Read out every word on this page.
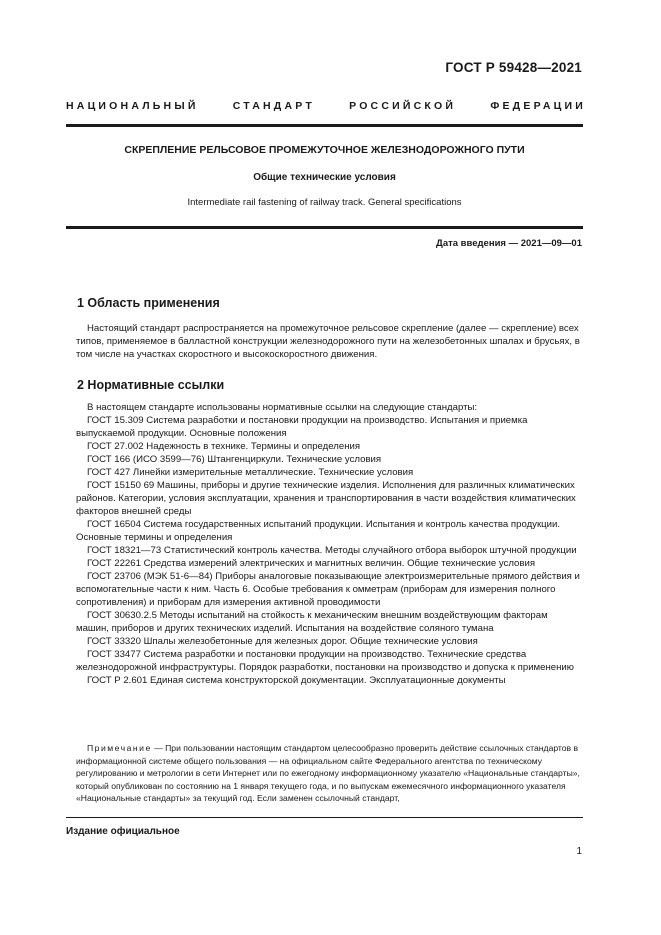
ГОСТ Р 59428—2021
НАЦИОНАЛЬНЫЙ СТАНДАРТ РОССИЙСКОЙ ФЕДЕРАЦИИ
СКРЕПЛЕНИЕ РЕЛЬСОВОЕ ПРОМЕЖУТОЧНОЕ ЖЕЛЕЗНОДОРОЖНОГО ПУТИ
Общие технические условия
Intermediate rail fastening of railway track. General specifications
Дата введения — 2021—09—01
1 Область применения
Настоящий стандарт распространяется на промежуточное рельсовое скрепление (далее — скрепление) всех типов, применяемое в балластной конструкции железнодорожного пути на железобетонных шпалах и брусьях, в том числе на участках скоростного и высокоскоростного движения.
2 Нормативные ссылки
В настоящем стандарте использованы нормативные ссылки на следующие стандарты:
ГОСТ 15.309 Система разработки и постановки продукции на производство. Испытания и приемка выпускаемой продукции. Основные положения
ГОСТ 27.002 Надежность в технике. Термины и определения
ГОСТ 166 (ИСО 3599—76) Штангенциркули. Технические условия
ГОСТ 427 Линейки измерительные металлические. Технические условия
ГОСТ 15150 69 Машины, приборы и другие технические изделия. Исполнения для различных климатических районов. Категории, условия эксплуатации, хранения и транспортирования в части воздействия климатических факторов внешней среды
ГОСТ 16504 Система государственных испытаний продукции. Испытания и контроль качества продукции. Основные термины и определения
ГОСТ 18321—73 Статистический контроль качества. Методы случайного отбора выборок штучной продукции
ГОСТ 22261 Средства измерений электрических и магнитных величин. Общие технические условия
ГОСТ 23706 (МЭК 51-6—84) Приборы аналоговые показывающие электроизмерительные прямого действия и вспомогательные части к ним. Часть 6. Особые требования к омметрам (приборам для измерения полного сопротивления) и приборам для измерения активной проводимости
ГОСТ 30630.2.5 Методы испытаний на стойкость к механическим внешним воздействующим факторам машин, приборов и других технических изделий. Испытания на воздействие соляного тумана
ГОСТ 33320 Шпалы железобетонные для железных дорог. Общие технические условия
ГОСТ 33477 Система разработки и постановки продукции на производство. Технические средства железнодорожной инфраструктуры. Порядок разработки, постановки на производство и допуска к применению
ГОСТ Р 2.601 Единая система конструкторской документации. Эксплуатационные документы
Примечание — При пользовании настоящим стандартом целесообразно проверить действие ссылочных стандартов в информационной системе общего пользования — на официальном сайте Федерального агентства по техническому регулированию и метрологии в сети Интернет или по ежегодному информационному указателю «Национальные стандарты», который опубликован по состоянию на 1 января текущего года, и по выпускам ежемесячного информационного указателя «Национальные стандарты» за текущий год. Если заменен ссылочный стандарт,
Издание официальное
1
